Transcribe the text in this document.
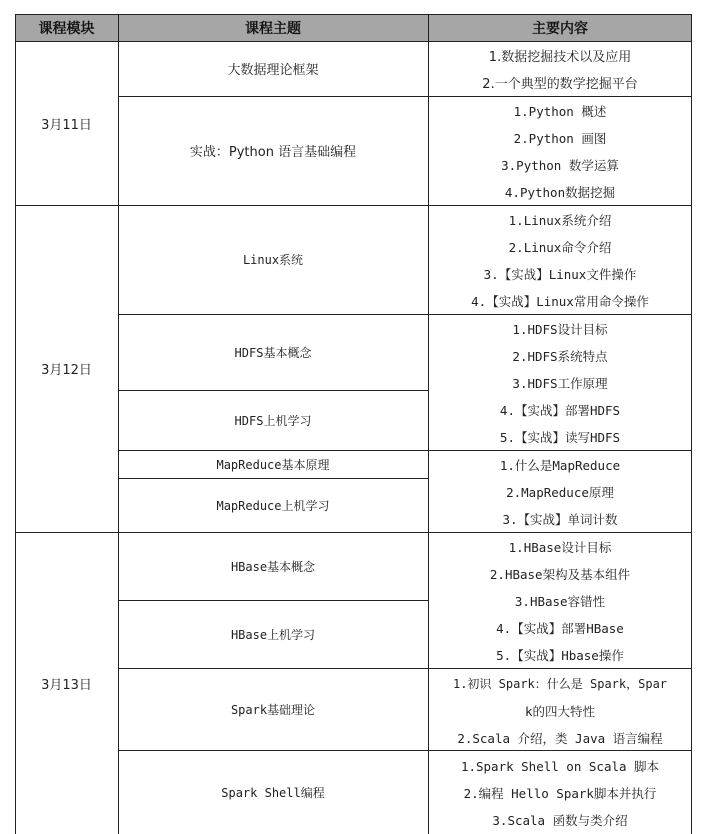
课程模块	课程主题	主要内容
3月11日
大数据理论框架
实战：Python 语言基础编程
1.数据挖掘技术以及应用
2.一个典型的数学挖掘平台
1.Python 概述
2.Python 画图
3.Python 数学运算
4.Python数据挖掘
3月12日
Linux系统
HDFS基本概念
HDFS上机学习
MapReduce基本原理
MapReduce上机学习
1.Linux系统介绍
2.Linux命令介绍
3.【实战】Linux文件操作
4.【实战】Linux常用命令操作
1.HDFS设计目标
2.HDFS系统特点
3.HDFS工作原理
4.【实战】部署HDFS
5.【实战】读写HDFS
1.什么是MapReduce
2.MapReduce原理
3.【实战】单词计数
3月13日
HBase基本概念
HBase上机学习
Spark基础理论
Spark Shell编程
1.HBase设计目标
2.HBase架构及基本组件
3.HBase容错性
4.【实战】部署HBase
5.【实战】Hbase操作
1.初识 Spark：什么是 Spark，Spar
k的四大特性
2.Scala 介绍，类 Java 语言编程
1.Spark Shell on Scala 脚本
2.编程 Hello Spark脚本并执行
3.Scala 函数与类介绍
